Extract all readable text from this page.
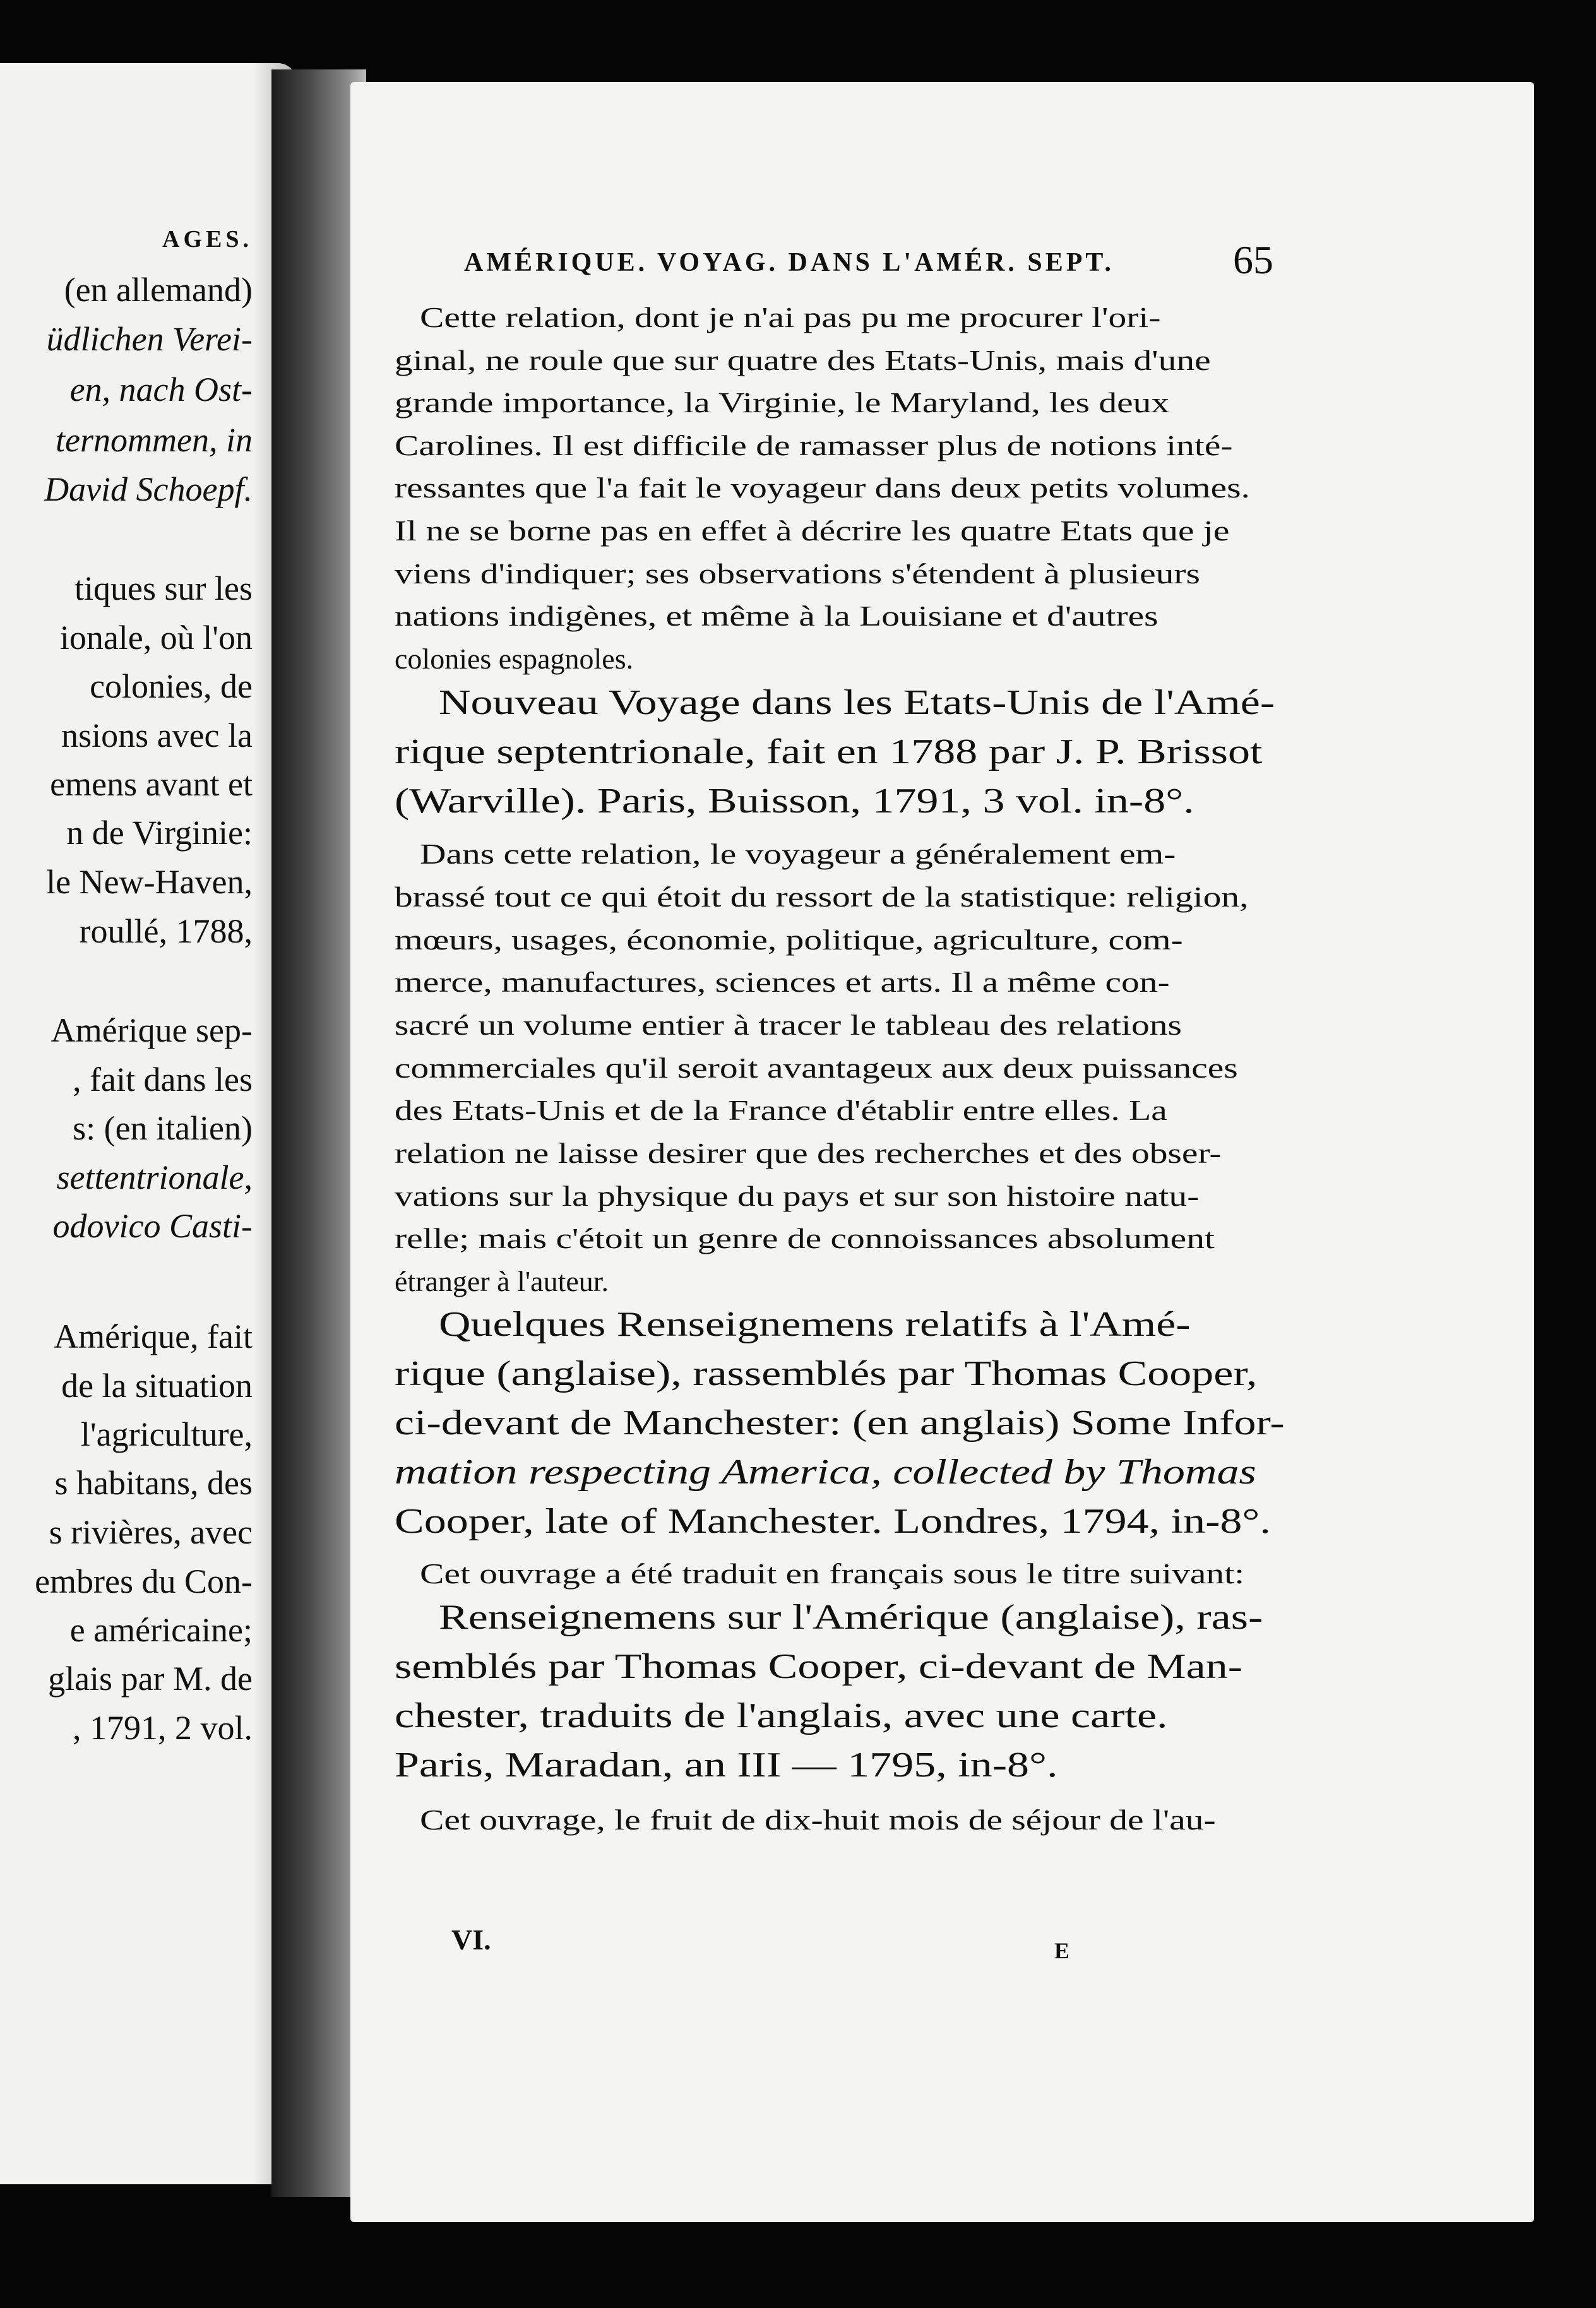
AGES.
(en allemand)
üdlichen Verei-
en, nach Ost-
ternommen, in
David Schoepf.
tiques sur les
ionale, où l'on
colonies, de
nsions avec la
emens avant et
n de Virginie:
le New-Haven,
roullé, 1788,
Amérique sep-
, fait dans les
s: (en italien)
settentrionale,
odovico Casti-
Amérique, fait
de la situation
l'agriculture,
s habitans, des
s rivières, avec
embres du Con-
e américaine;
glais par M. de
, 1791, 2 vol.
AMÉRIQUE. VOYAG. DANS L'AMÉR. SEPT.	65
Cette relation, dont je n'ai pas pu me procurer l'ori-
ginal, ne roule que sur quatre des Etats-Unis, mais d'une
grande importance, la Virginie, le Maryland, les deux
Carolines. Il est difficile de ramasser plus de notions inté-
ressantes que l'a fait le voyageur dans deux petits volumes.
Il ne se borne pas en effet à décrire les quatre Etats que je
viens d'indiquer; ses observations s'étendent à plusieurs
nations indigènes, et même à la Louisiane et d'autres
colonies espagnoles.
Nouveau Voyage dans les Etats-Unis de l'Amé-
rique septentrionale, fait en 1788 par J. P. Brissot
(Warville). Paris, Buisson, 1791, 3 vol. in-8°.
Dans cette relation, le voyageur a généralement em-
brassé tout ce qui étoit du ressort de la statistique: religion,
mœurs, usages, économie, politique, agriculture, com-
merce, manufactures, sciences et arts. Il a même con-
sacré un volume entier à tracer le tableau des relations
commerciales qu'il seroit avantageux aux deux puissances
des Etats-Unis et de la France d'établir entre elles. La
relation ne laisse desirer que des recherches et des obser-
vations sur la physique du pays et sur son histoire natu-
relle; mais c'étoit un genre de connoissances absolument
étranger à l'auteur.
Quelques Renseignemens relatifs à l'Amé-
rique (anglaise), rassemblés par Thomas Cooper,
ci-devant de Manchester: (en anglais) Some Infor-
mation respecting America, collected by Thomas
Cooper, late of Manchester. Londres, 1794, in-8°.
Cet ouvrage a été traduit en français sous le titre suivant:
Renseignemens sur l'Amérique (anglaise), ras-
semblés par Thomas Cooper, ci-devant de Man-
chester, traduits de l'anglais, avec une carte.
Paris, Maradan, an III — 1795, in-8°.
Cet ouvrage, le fruit de dix-huit mois de séjour de l'au-
VI.	E
